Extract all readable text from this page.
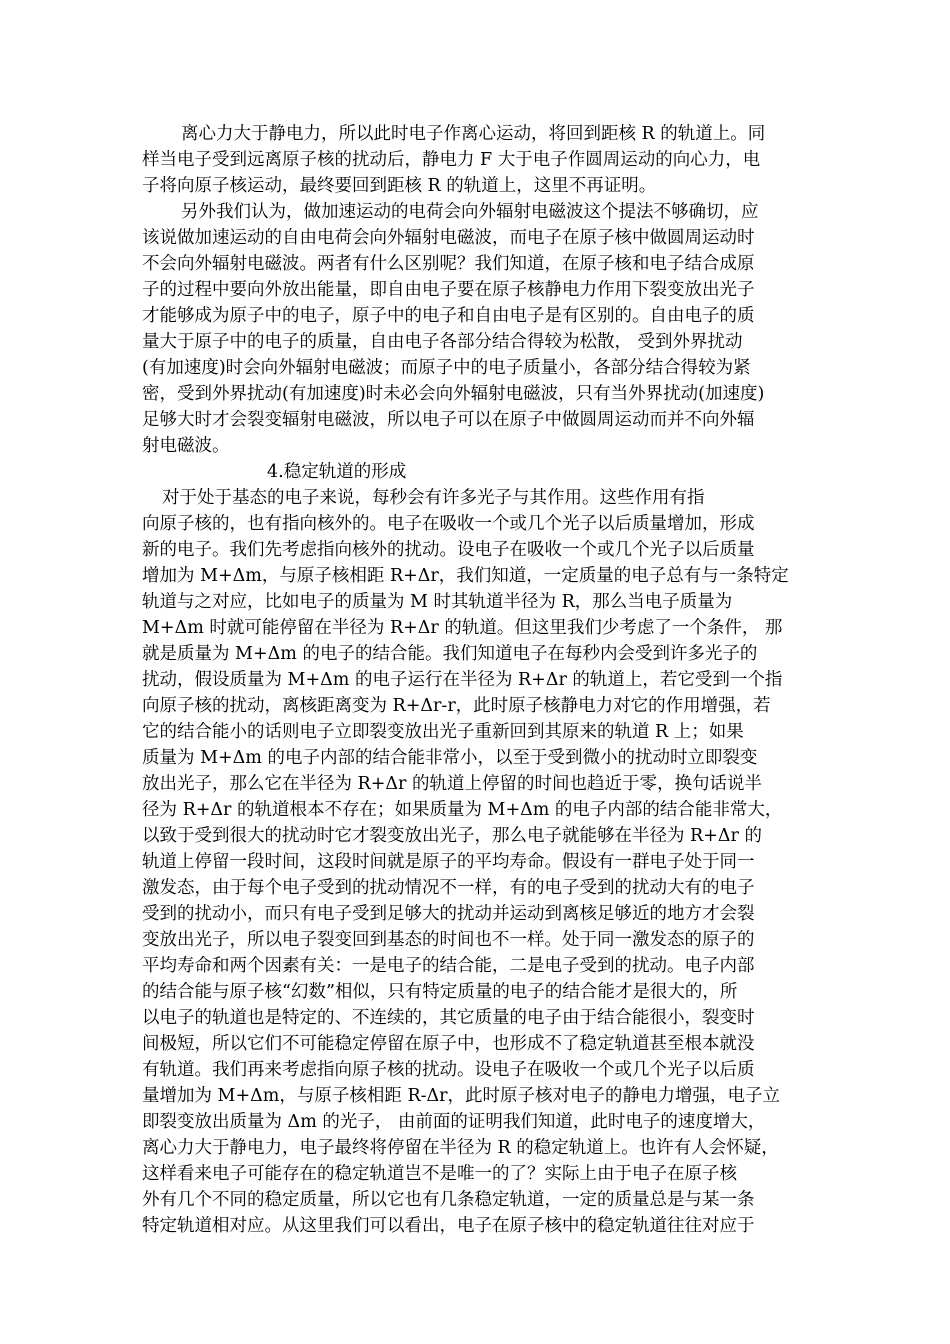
离心力大于静电力，所以此时电子作离心运动，将回到距核 R 的轨道上。同

样当电子受到远离原子核的扰动后，静电力 F 大于电子作圆周运动的向心力，电

子将向原子核运动，最终要回到距核 R 的轨道上，这里不再证明。

另外我们认为，做加速运动的电荷会向外辐射电磁波这个提法不够确切，应

该说做加速运动的自由电荷会向外辐射电磁波，而电子在原子核中做圆周运动时

不会向外辐射电磁波。两者有什么区别呢？我们知道，在原子核和电子结合成原

子的过程中要向外放出能量，即自由电子要在原子核静电力作用下裂变放出光子

才能够成为原子中的电子，原子中的电子和自由电子是有区别的。自由电子的质

量大于原子中的电子的质量，自由电子各部分结合得较为松散， 受到外界扰动

(有加速度)时会向外辐射电磁波；而原子中的电子质量小，各部分结合得较为紧

密，受到外界扰动(有加速度)时未必会向外辐射电磁波，只有当外界扰动(加速度)

足够大时才会裂变辐射电磁波，所以电子可以在原子中做圆周运动而并不向外辐

射电磁波。

4.稳定轨道的形成

对于处于基态的电子来说，每秒会有许多光子与其作用。这些作用有指

向原子核的，也有指向核外的。电子在吸收一个或几个光子以后质量增加，形成

新的电子。我们先考虑指向核外的扰动。设电子在吸收一个或几个光子以后质量

增加为 M+Δm，与原子核相距 R+Δr，我们知道，一定质量的电子总有与一条特定

轨道与之对应，比如电子的质量为 M 时其轨道半径为 R，那么当电子质量为

M+Δm 时就可能停留在半径为 R+Δr 的轨道。但这里我们少考虑了一个条件， 那

就是质量为 M+Δm 的电子的结合能。我们知道电子在每秒内会受到许多光子的

扰动，假设质量为 M+Δm 的电子运行在半径为 R+Δr 的轨道上，若它受到一个指

向原子核的扰动，离核距离变为 R+Δr-r，此时原子核静电力对它的作用增强，若

它的结合能小的话则电子立即裂变放出光子重新回到其原来的轨道 R 上；如果

质量为 M+Δm 的电子内部的结合能非常小，以至于受到微小的扰动时立即裂变

放出光子，那么它在半径为 R+Δr 的轨道上停留的时间也趋近于零，换句话说半

径为 R+Δr 的轨道根本不存在；如果质量为 M+Δm 的电子内部的结合能非常大，

以致于受到很大的扰动时它才裂变放出光子，那么电子就能够在半径为 R+Δr 的

轨道上停留一段时间，这段时间就是原子的平均寿命。假设有一群电子处于同一

激发态，由于每个电子受到的扰动情况不一样，有的电子受到的扰动大有的电子

受到的扰动小，而只有电子受到足够大的扰动并运动到离核足够近的地方才会裂

变放出光子，所以电子裂变回到基态的时间也不一样。处于同一激发态的原子的

平均寿命和两个因素有关：一是电子的结合能，二是电子受到的扰动。电子内部

的结合能与原子核“幻数”相似，只有特定质量的电子的结合能才是很大的，所

以电子的轨道也是特定的、不连续的，其它质量的电子由于结合能很小，裂变时

间极短，所以它们不可能稳定停留在原子中，也形成不了稳定轨道甚至根本就没

有轨道。我们再来考虑指向原子核的扰动。设电子在吸收一个或几个光子以后质

量增加为 M+Δm，与原子核相距 R-Δr，此时原子核对电子的静电力增强，电子立

即裂变放出质量为 Δm 的光子， 由前面的证明我们知道，此时电子的速度增大，

离心力大于静电力，电子最终将停留在半径为 R 的稳定轨道上。也许有人会怀疑，

这样看来电子可能存在的稳定轨道岂不是唯一的了？实际上由于电子在原子核

外有几个不同的稳定质量，所以它也有几条稳定轨道，一定的质量总是与某一条

特定轨道相对应。从这里我们可以看出，电子在原子核中的稳定轨道往往对应于
